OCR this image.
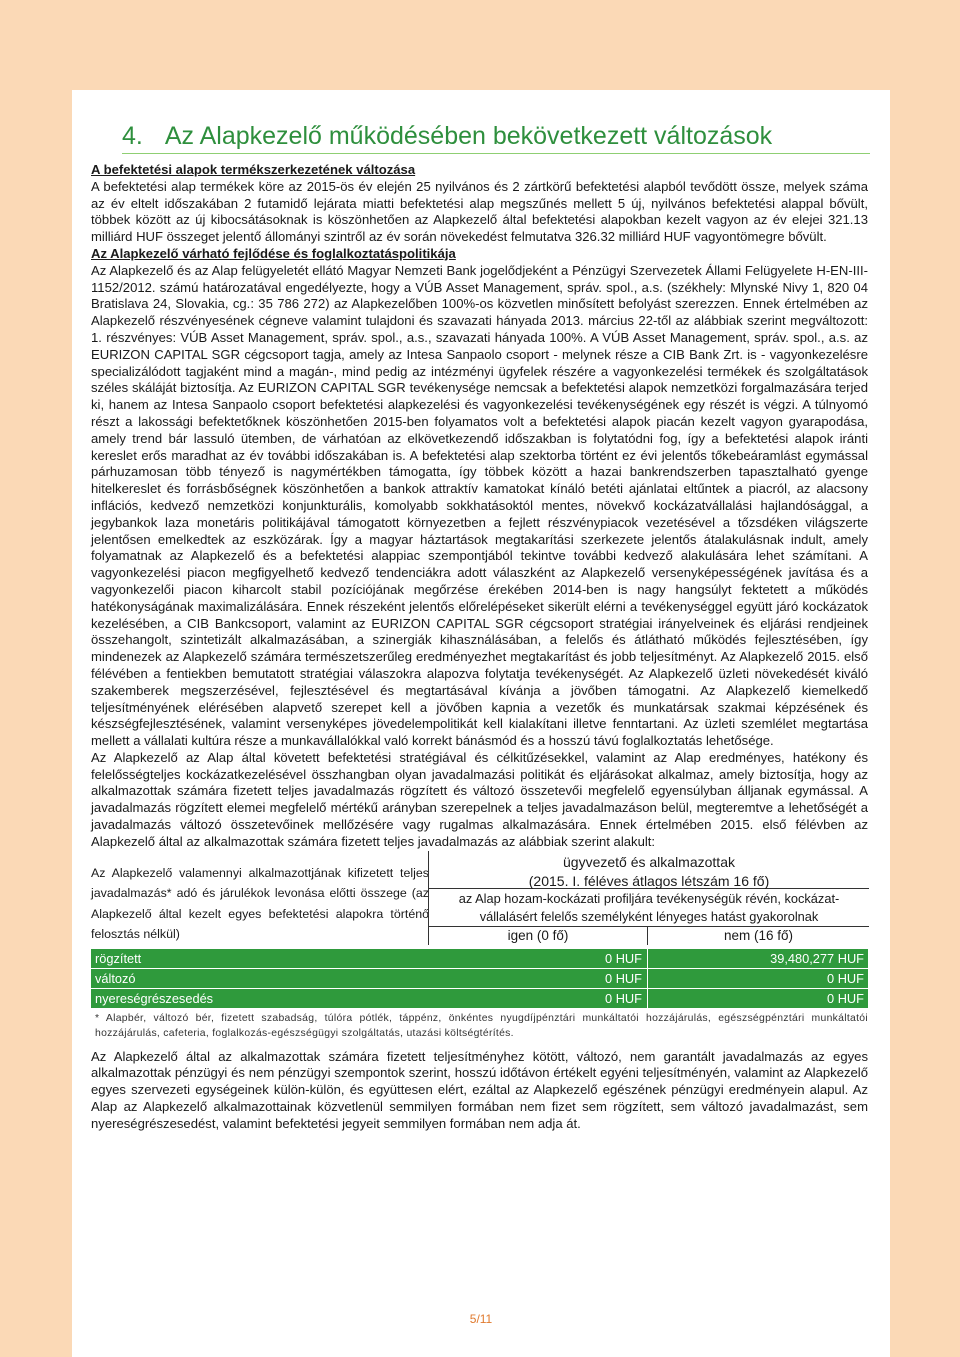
4. Az Alapkezelő működésében bekövetkezett változások
A befektetési alapok termékszerkezetének változása

A befektetési alap termékek köre az 2015-ös év elején 25 nyilvános és 2 zártkörű befektetési alapból tevődött össze, melyek száma az év eltelt időszakában 2 futamidő lejárata miatti befektetési alap megszűnés mellett 5 új, nyilvános befektetési alappal bővült, többek között az új kibocsátásoknak is köszönhetően az Alapkezelő által befektetési alapokban kezelt vagyon az év elejei 321.13 milliárd HUF összeget jelentő állományi szintről az év során növekedést felmutatva 326.32 milliárd HUF vagyontömegre bővült.

Az Alapkezelő várható fejlődése és foglalkoztatáspolitikája

Az Alapkezelő és az Alap felügyeletét ellátó Magyar Nemzeti Bank jogelődjeként a Pénzügyi Szervezetek Állami Felügyelete H-EN-III-1152/2012. számú határozatával engedélyezte, hogy a VÚB Asset Management, správ. spol., a.s. (székhely: Mlynské Nivy 1, 820 04 Bratislava 24, Slovakia, cg.: 35 786 272) az Alapkezelőben 100%-os közvetlen minősített befolyást szerezzen. Ennek értelmében az Alapkezelő részvényesének cégneve valamint tulajdoni és szavazati hányada 2013. március 22-től az alábbiak szerint megváltozott: 1. részvényes: VÚB Asset Management, správ. spol., a.s., szavazati hányada 100%. A VÚB Asset Management, správ. spol., a.s. az EURIZON CAPITAL SGR cégcsoport tagja, amely az Intesa Sanpaolo csoport - melynek része a CIB Bank Zrt. is - vagyonkezelésre specializálódott tagjaként mind a magán-, mind pedig az intézményi ügyfelek részére a vagyonkezelési termékek és szolgáltatások széles skáláját biztosítja. Az EURIZON CAPITAL SGR tevékenysége nemcsak a befektetési alapok nemzetközi forgalmazására terjed ki, hanem az Intesa Sanpaolo csoport befektetési alapkezelési és vagyonkezelési tevékenységének egy részét is végzi. A túlnyomó részt a lakossági befektetőknek köszönhetően 2015-ben folyamatos volt a befektetési alapok piacán kezelt vagyon gyarapodása, amely trend bár lassuló ütemben, de várhatóan az elkövetkezendő időszakban is folytatódni fog, így a befektetési alapok iránti kereslet erős maradhat az év további időszakában is. A befektetési alap szektorba történt ez évi jelentős tőkebeáramlást egymással párhuzamosan több tényező is nagymértékben támogatta, így többek között a hazai bankrendszerben tapasztalható gyenge hitelkereslet és forrásbőségnek köszönhetően a bankok attraktív kamatokat kínáló betéti ajánlatai eltűntek a piacról, az alacsony inflációs, kedvező nemzetközi konjunkturális, komolyabb sokkhatásoktól mentes, növekvő kockázatvállalási hajlandósággal, a jegybankok laza monetáris politikájával támogatott környezetben a fejlett részvénypiacok vezetésével a tőzsdéken világszerte jelentősen emelkedtek az eszközárak. Így a magyar háztartások megtakarítási szerkezete jelentős átalakulásnak indult, amely folyamatnak az Alapkezelő és a befektetési alappiac szempontjából tekintve további kedvező alakulására lehet számítani. A vagyonkezelési piacon megfigyelhető kedvező tendenciákra adott válaszként az Alapkezelő versenyképességének javítása és a vagyonkezelői piacon kiharcolt stabil pozíciójának megőrzése érekében 2014-ben is nagy hangsúlyt fektetett a működés hatékonyságának maximalizálására. Ennek részeként jelentős előrelépéseket sikerült elérni a tevékenységgel együtt járó kockázatok kezelésében, a CIB Bankcsoport, valamint az EURIZON CAPITAL SGR cégcsoport stratégiai irányelveinek és eljárási rendjeinek összehangolt, szintetizált alkalmazásában, a szinergiák kihasználásában, a felelős és átlátható működés fejlesztésében, így mindenezek az Alapkezelő számára természetszerűleg eredményezhet megtakarítást és jobb teljesítményt. Az Alapkezelő 2015. első félévében a fentiekben bemutatott stratégiai válaszokra alapozva folytatja tevékenységét. Az Alapkezelő üzleti növekedését kiváló szakemberek megszerzésével, fejlesztésével és megtartásával kívánja a jövőben támogatni. Az Alapkezelő kiemelkedő teljesítményének elérésében alapvető szerepet kell a jövőben kapnia a vezetők és munkatársak szakmai képzésének és készségfejlesztésének, valamint versenyképes jövedelempolitikát kell kialakítani illetve fenntartani. Az üzleti szemlélet megtartása mellett a vállalati kultúra része a munkavállalókkal való korrekt bánásmód és a hosszú távú foglalkoztatás lehetősége.

Az Alapkezelő az Alap által követett befektetési stratégiával és célkitűzésekkel, valamint az Alap eredményes, hatékony és felelősségteljes kockázatkezelésével összhangban olyan javadalmazási politikát és eljárásokat alkalmaz, amely biztosítja, hogy az alkalmazottak számára fizetett teljes javadalmazás rögzített és változó összetevői megfelelő egyensúlyban álljanak egymással. A javadalmazás rögzített elemei megfelelő mértékű arányban szerepelnek a teljes javadalmazáson belül, megteremtve a lehetőségét a javadalmazás változó összetevőinek mellőzésére vagy rugalmas alkalmazására. Ennek értelmében 2015. első félévben az Alapkezelő által az alkalmazottak számára fizetett teljes javadalmazás az alábbiak szerint alakult:

Az Alapkezelő valamennyi alkalmazottjának kifizetett teljes javadalmazás* adó és járulékok levonása előtti összege (az Alapkezelő által kezelt egyes befektetési alapokra történő felosztás nélkül)
ügyvezető és alkalmazottak
(2015. I. féléves átlagos létszám 16 fő)
az Alap hozam-kockázati profiljára tevékenységük révén, kockázat-
vállalásért felelős személyként lényeges hatást gyakorolnak
igen (0 fő)	nem (16 fő)
rögzített	0 HUF	39,480,277 HUF
változó	0 HUF	0 HUF
nyereségrészesedés	0 HUF	0 HUF
* Alapbér, változó bér, fizetett szabadság, túlóra pótlék, táppénz, önkéntes nyugdíjpénztári munkáltatói hozzájárulás, egészségpénztári munkáltatói hozzájárulás, cafeteria, foglalkozás-egészségügyi szolgáltatás, utazási költségtérítés.

Az Alapkezelő által az alkalmazottak számára fizetett teljesítményhez kötött, változó, nem garantált javadalmazás az egyes alkalmazottak pénzügyi és nem pénzügyi szempontok szerint, hosszú időtávon értékelt egyéni teljesítményén, valamint az Alapkezelő egyes szervezeti egységeinek külön-külön, és együttesen elért, ezáltal az Alapkezelő egészének pénzügyi eredményein alapul. Az Alap az Alapkezelő alkalmazottainak közvetlenül semmilyen formában nem fizet sem rögzített, sem változó javadalmazást, sem nyereségrészesedést, valamint befektetési jegyeit semmilyen formában nem adja át.

5/11
